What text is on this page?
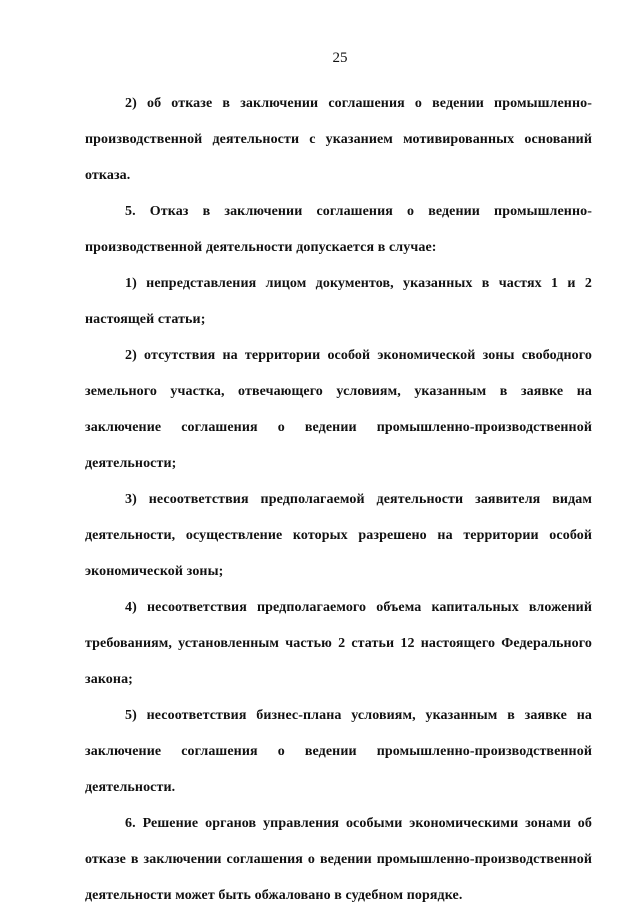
25

2) об отказе в заключении соглашения о ведении промышленно-производственной деятельности с указанием мотивированных оснований отказа.

5. Отказ в заключении соглашения о ведении промышленно-производственной деятельности допускается в случае:

1) непредставления лицом документов, указанных в частях 1 и 2 настоящей статьи;

2) отсутствия на территории особой экономической зоны свободного земельного участка, отвечающего условиям, указанным в заявке на заключение соглашения о ведении промышленно-производственной деятельности;

3) несоответствия предполагаемой деятельности заявителя видам деятельности, осуществление которых разрешено на территории особой экономической зоны;

4) несоответствия предполагаемого объема капитальных вложений требованиям, установленным частью 2 статьи 12 настоящего Федерального закона;

5) несоответствия бизнес-плана условиям, указанным в заявке на заключение соглашения о ведении промышленно-производственной деятельности.

6. Решение органов управления особыми экономическими зонами об отказе в заключении соглашения о ведении промышленно-производственной деятельности может быть обжаловано в судебном порядке.
